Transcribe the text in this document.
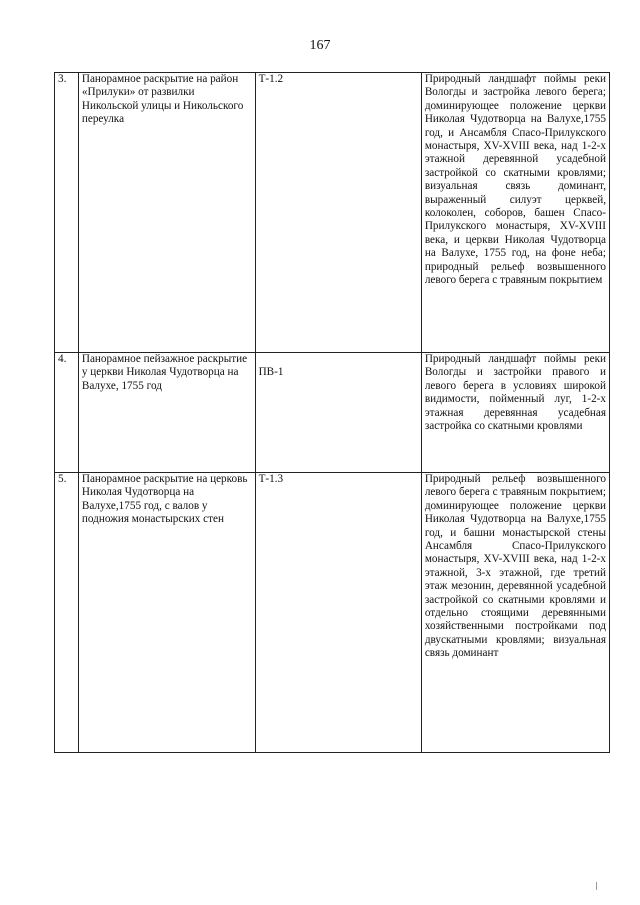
167
3.	Панорамное раскрытие на район «Прилуки» от развилки Никольской улицы и Никольского переулка	Т-1.2	Природный ландшафт поймы реки Вологды и застройка левого берега; доминирующее положение церкви Николая Чудотворца на Валухе,1755 год, и Ансамбля Спасо-Прилукского монастыря, XV-XVIII века, над 1-2-х этажной деревянной усадебной застройкой со скатными кровлями; визуальная связь доминант, выраженный силуэт церквей, колоколен, соборов, башен Спасо-Прилукского монастыря, XV-XVIII века, и церкви Николая Чудотворца на Валухе, 1755 год, на фоне неба; природный рельеф возвышенного левого берега с травяным покрытием
4.	Панорамное пейзажное раскрытие у церкви Николая Чудотворца на Валухе, 1755 год	ПВ-1	Природный ландшафт поймы реки Вологды и застройки правого и левого берега в условиях широкой видимости, пойменный луг, 1-2-х этажная деревянная усадебная застройка со скатными кровлями
5.	Панорамное раскрытие на церковь Николая Чудотворца на Валухе,1755 год, с валов у подножия монастырских стен	Т-1.3	Природный рельеф возвышенного левого берега с травяным покрытием; доминирующее положение церкви Николая Чудотворца на Валухе,1755 год, и башни монастырской стены Ансамбля Спасо-Прилукского монастыря, XV-XVIII века, над 1-2-х этажной, 3-х этажной, где третий этаж мезонин, деревянной усадебной застройкой со скатными кровлями и отдельно стоящими деревянными хозяйственными постройками под двускатными кровлями; визуальная связь доминант
